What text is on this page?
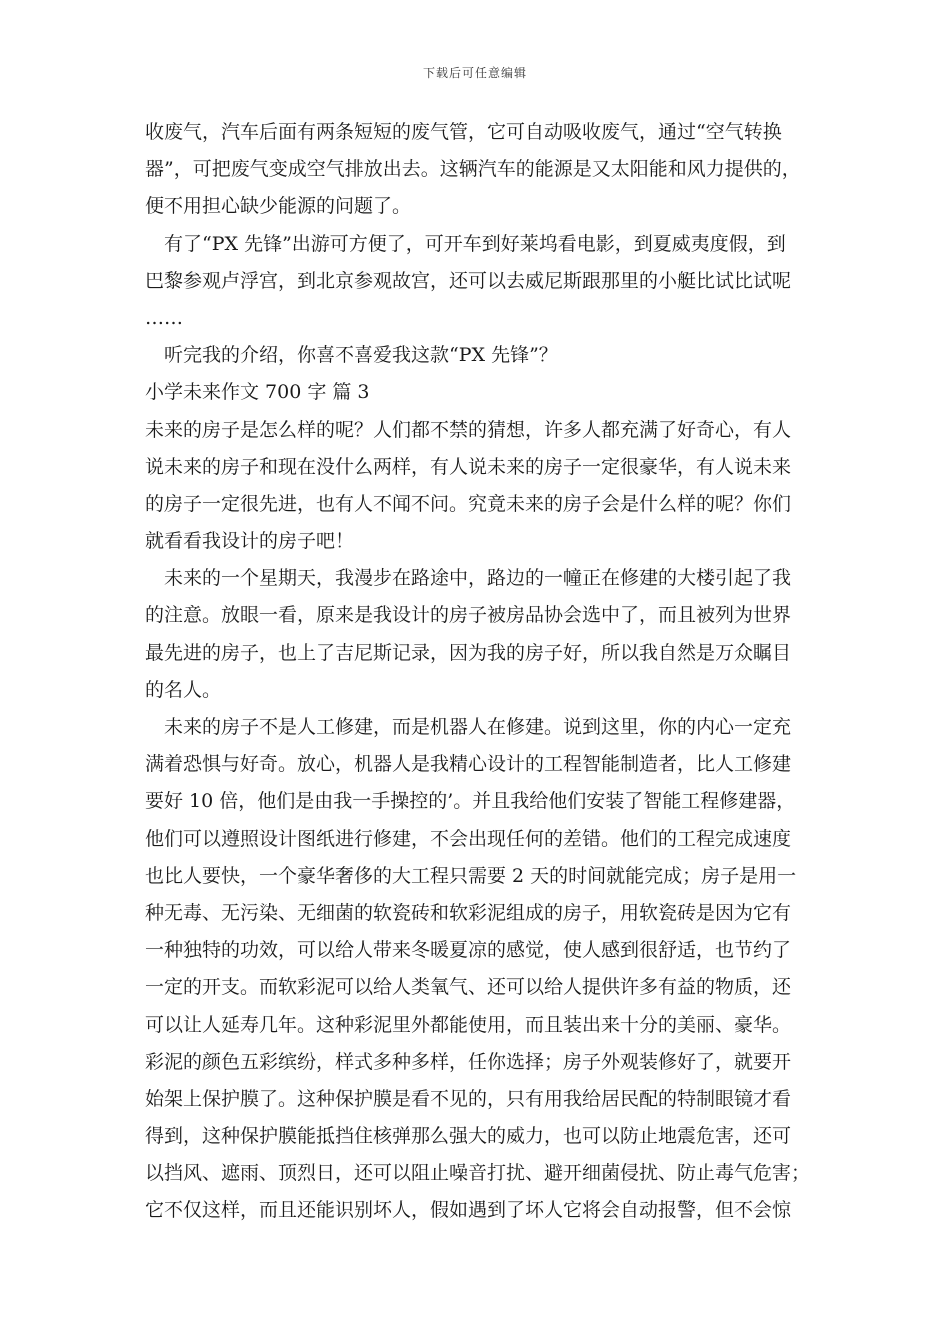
下载后可任意编辑
收废气，汽车后面有两条短短的废气管，它可自动吸收废气，通过“空气转换
器”，可把废气变成空气排放出去。这辆汽车的能源是又太阳能和风力提供的，
便不用担心缺少能源的问题了。
　有了“PX 先锋”出游可方便了，可开车到好莱坞看电影，到夏威夷度假，到
巴黎参观卢浮宫，到北京参观故宫，还可以去威尼斯跟那里的小艇比试比试呢
……
　听完我的介绍，你喜不喜爱我这款“PX 先锋”？
小学未来作文 700 字 篇 3
未来的房子是怎么样的呢？人们都不禁的猜想，许多人都充满了好奇心，有人
说未来的房子和现在没什么两样，有人说未来的房子一定很豪华，有人说未来
的房子一定很先进，也有人不闻不问。究竟未来的房子会是什么样的呢？你们
就看看我设计的房子吧！
　未来的一个星期天，我漫步在路途中，路边的一幢正在修建的大楼引起了我
的注意。放眼一看，原来是我设计的房子被房品协会选中了，而且被列为世界
最先进的房子，也上了吉尼斯记录，因为我的房子好，所以我自然是万众瞩目
的名人。
　未来的房子不是人工修建，而是机器人在修建。说到这里，你的内心一定充
满着恐惧与好奇。放心，机器人是我精心设计的工程智能制造者，比人工修建
要好 10 倍，他们是由我一手操控的’。并且我给他们安装了智能工程修建器，
他们可以遵照设计图纸进行修建，不会出现任何的差错。他们的工程完成速度
也比人要快，一个豪华奢侈的大工程只需要 2 天的时间就能完成；房子是用一
种无毒、无污染、无细菌的软瓷砖和软彩泥组成的房子，用软瓷砖是因为它有
一种独特的功效，可以给人带来冬暖夏凉的感觉，使人感到很舒适，也节约了
一定的开支。而软彩泥可以给人类氧气、还可以给人提供许多有益的物质，还
可以让人延寿几年。这种彩泥里外都能使用，而且装出来十分的美丽、豪华。
彩泥的颜色五彩缤纷，样式多种多样，任你选择；房子外观装修好了，就要开
始架上保护膜了。这种保护膜是看不见的，只有用我给居民配的特制眼镜才看
得到，这种保护膜能抵挡住核弹那么强大的威力，也可以防止地震危害，还可
以挡风、遮雨、顶烈日，还可以阻止噪音打扰、避开细菌侵扰、防止毒气危害；
它不仅这样，而且还能识别坏人，假如遇到了坏人它将会自动报警，但不会惊
